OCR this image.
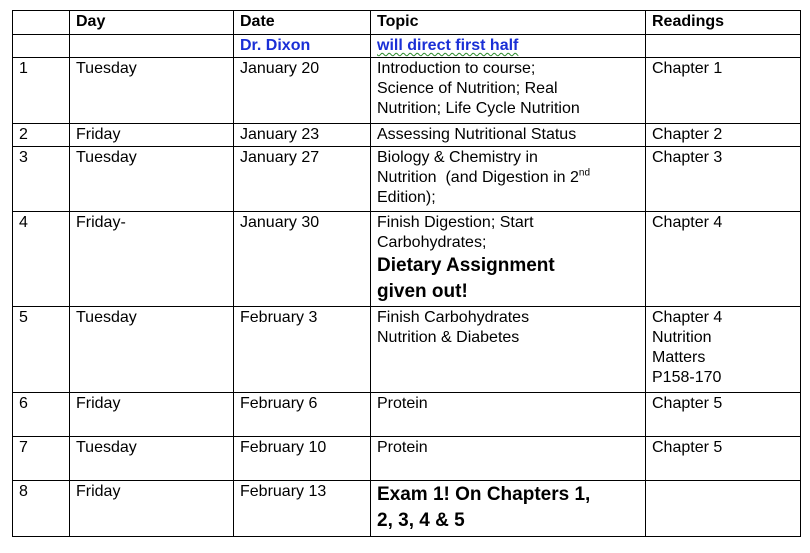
	Day	Date	Topic	Readings
		Dr. Dixon	will direct first half	
1	Tuesday	January 20	Introduction to course;
Science of Nutrition; Real
Nutrition; Life Cycle Nutrition	Chapter 1

2	Friday	January 23	Assessing Nutritional Status	Chapter 2

3	Tuesday	January 27	Biology & Chemistry in
Nutrition  (and Digestion in 2nd
Edition);	Chapter 3

4	Friday-	January 30	Finish Digestion; Start
Carbohydrates;
Dietary Assignment
given out!	Chapter 4

5	Tuesday	February 3	Finish Carbohydrates
Nutrition & Diabetes	Chapter 4
Nutrition
Matters
P158-170

6	Friday	February 6	Protein	Chapter 5

7	Tuesday	February 10	Protein	Chapter 5

8	Friday	February 13	Exam 1! On Chapters 1,
2, 3, 4 & 5	
